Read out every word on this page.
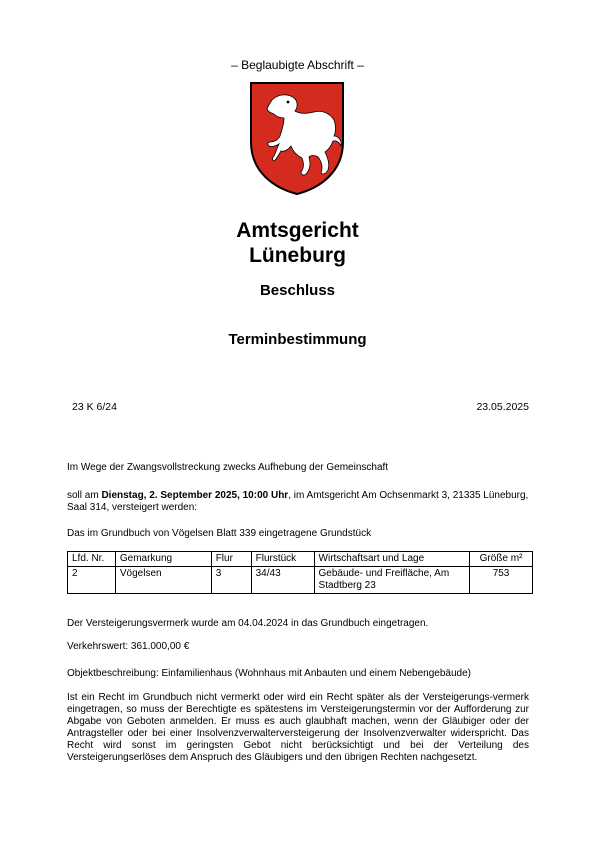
– Beglaubigte Abschrift –
Amtsgericht
Lüneburg
Beschluss
Terminbestimmung
23 K 6/24	23.05.2025
Im Wege der Zwangsvollstreckung zwecks Aufhebung der Gemeinschaft
soll am Dienstag, 2. September 2025, 10:00 Uhr, im Amtsgericht Am Ochsenmarkt 3, 21335 Lüneburg, Saal 314, versteigert werden:
Das im Grundbuch von Vögelsen Blatt 339 eingetragene Grundstück
Lfd. Nr.	Gemarkung	Flur	Flurstück	Wirtschaftsart und Lage	Größe m²
2	Vögelsen	3	34/43	Gebäude- und Freifläche, Am Stadtberg 23	753
Der Versteigerungsvermerk wurde am 04.04.2024 in das Grundbuch eingetragen.
Verkehrswert: 361.000,00 €
Objektbeschreibung: Einfamilienhaus (Wohnhaus mit Anbauten und einem Nebengebäude)
Ist ein Recht im Grundbuch nicht vermerkt oder wird ein Recht später als der Versteigerungs-vermerk eingetragen, so muss der Berechtigte es spätestens im Versteigerungstermin vor der Aufforderung zur Abgabe von Geboten anmelden. Er muss es auch glaubhaft machen, wenn der Gläubiger oder der Antragsteller oder bei einer Insolvenzverwalterversteigerung der Insolvenzverwalter widerspricht. Das Recht wird sonst im geringsten Gebot nicht berücksichtigt und bei der Verteilung des Versteigerungserlöses dem Anspruch des Gläubigers und den übrigen Rechten nachgesetzt.
